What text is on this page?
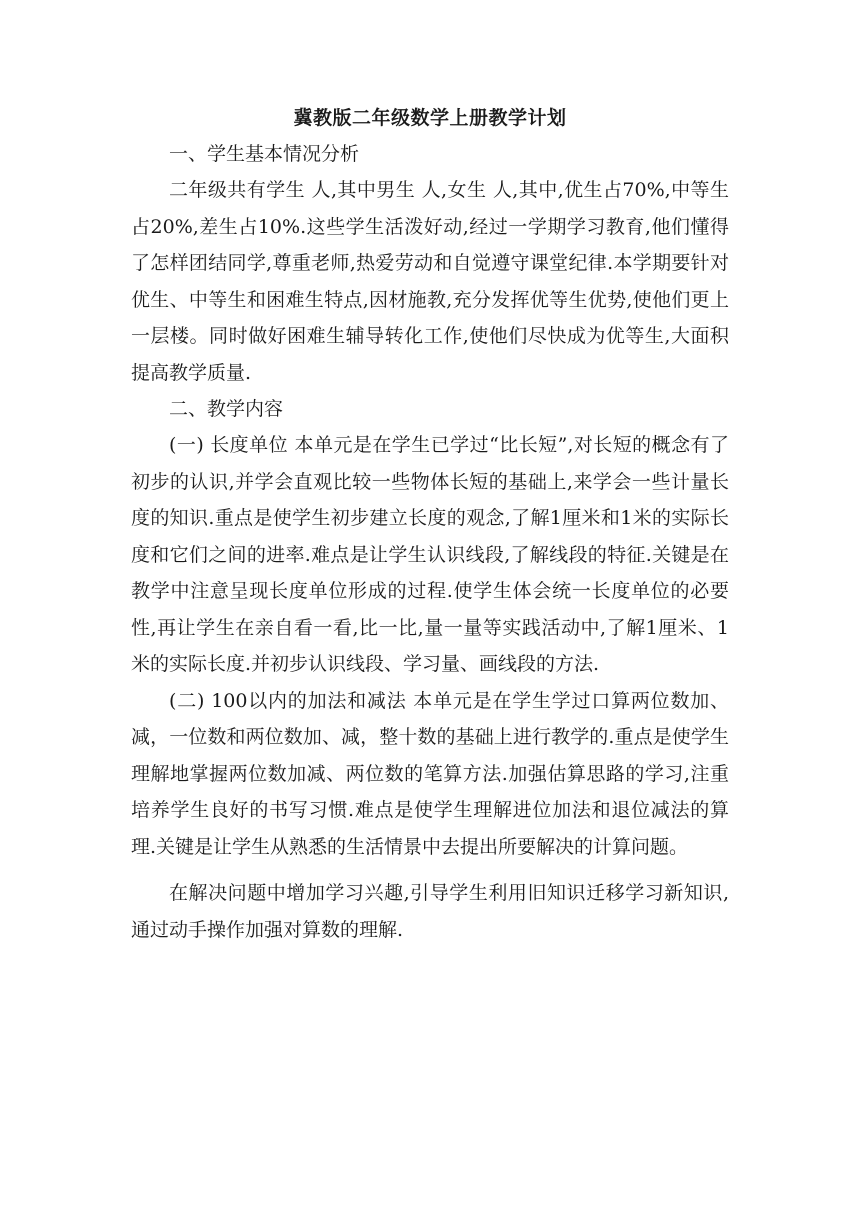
冀教版二年级数学上册教学计划
一、学生基本情况分析

二年级共有学生 人,其中男生 人,女生 人,其中,优生占70%,中等生占20%,差生占10%.这些学生活泼好动,经过一学期学习教育,他们懂得了怎样团结同学,尊重老师,热爱劳动和自觉遵守课堂纪律.本学期要针对优生、中等生和困难生特点,因材施教,充分发挥优等生优势,使他们更上一层楼。同时做好困难生辅导转化工作,使他们尽快成为优等生,大面积提高教学质量.

二、教学内容

(一) 长度单位 本单元是在学生已学过“比长短”,对长短的概念有了初步的认识,并学会直观比较一些物体长短的基础上,来学会一些计量长度的知识.重点是使学生初步建立长度的观念,了解1厘米和1米的实际长度和它们之间的进率.难点是让学生认识线段,了解线段的特征.关键是在教学中注意呈现长度单位形成的过程.使学生体会统一长度单位的必要性,再让学生在亲自看一看,比一比,量一量等实践活动中,了解1厘米、1米的实际长度.并初步认识线段、学习量、画线段的方法.

(二) 100以内的加法和减法 本单元是在学生学过口算两位数加、减，一位数和两位数加、减，整十数的基础上进行教学的.重点是使学生理解地掌握两位数加减、两位数的笔算方法.加强估算思路的学习,注重培养学生良好的书写习惯.难点是使学生理解进位加法和退位减法的算理.关键是让学生从熟悉的生活情景中去提出所要解决的计算问题。

在解决问题中增加学习兴趣,引导学生利用旧知识迁移学习新知识,通过动手操作加强对算数的理解.
